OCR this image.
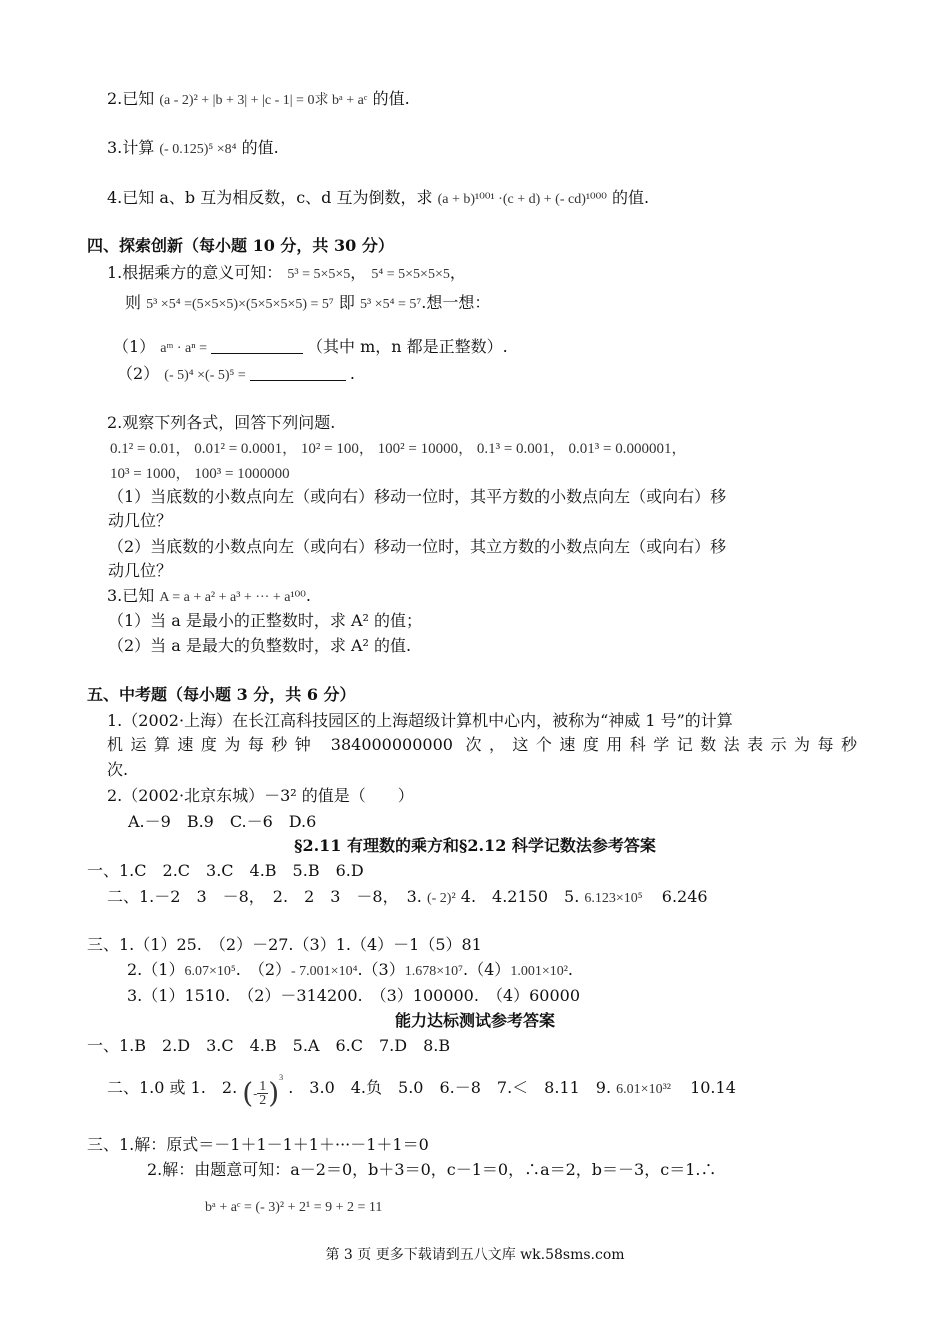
2.已知 (a - 2)² + |b + 3| + |c - 1| = 0求 bᵃ + aᶜ 的值.
3.计算 (- 0.125)⁵ ×8⁴ 的值.
4.已知 a、b 互为相反数，c、d 互为倒数，求 (a + b)¹⁰⁰¹ ·(c + d) + (- cd)¹⁰⁰⁰ 的值.
四、探索创新（每小题 10 分，共 30 分）
1.根据乘方的意义可知： 5³ = 5×5×5， 5⁴ = 5×5×5×5，
则 5³ ×5⁴ =(5×5×5)×(5×5×5×5) = 5⁷ 即 5³ ×5⁴ = 5⁷.想一想：
（1） aᵐ · aⁿ =	（其中 m，n 都是正整数）.
（2） (- 5)⁴ ×(- 5)⁵ =	.
2.观察下列各式，回答下列问题.
0.1² = 0.01， 0.01² = 0.0001， 10² = 100， 100² = 10000， 0.1³ = 0.001， 0.01³ = 0.000001，
10³ = 1000， 100³ = 1000000
（1）当底数的小数点向左（或向右）移动一位时，其平方数的小数点向左（或向右）移
动几位？
（2）当底数的小数点向左（或向右）移动一位时，其立方数的小数点向左（或向右）移
动几位？
3.已知 A = a + a² + a³ + ··· + a¹⁰⁰.
（1）当 a 是最小的正整数时，求 A² 的值；
（2）当 a 是最大的负整数时，求 A² 的值.
五、中考题（每小题 3 分，共 6 分）
1.（2002·上海）在长江高科技园区的上海超级计算机中心内，被称为“神威 1 号”的计算
机运算速度为每秒钟 384000000000 次，这个速度用科学记数法表示为每秒
次.
2.（2002·北京东城）－3² 的值是（　　）
A.－9　B.9　C.－6　D.6
§2.11 有理数的乘方和§2.12 科学记数法参考答案
一、1.C　2.C　3.C　4.B　5.B　6.D
二、1.－2　3　－8，　2.　2　3　－8，　3. (- 2)² 4.　4.2150　5. 6.123×10⁵ 6.246
三、1.（1）25.　（2）－27.（3）1.（4）－1（5）81
2.（1）6.07×10⁵.　（2）- 7.001×10⁴.（3）1.678×10⁷.（4）1.001×10².
3.（1）1510.　（2）－314200.　（3）100000.　（4）60000
能力达标测试参考答案
一、1.B　2.D　3.C　4.B　5.A　6.C　7.D　8.B
二、1.0 或 1.　2. (- $\frac{1}{2} )^3$ .　3.0　4.负　5.0　6.－8　7.＜　8.11　9. 6.01×10³² 10.14
三、1.解：原式＝－1＋1－1＋1＋···－1＋1＝0
2.解：由题意可知：a－2＝0，b＋3＝0，c－1＝0，∴a＝2，b＝－3，c＝1.∴
bᵃ + aᶜ = (- 3)² + 2¹ = 9 + 2 = 11
第 3 页 更多下载请到五八文库 wk.58sms.com
